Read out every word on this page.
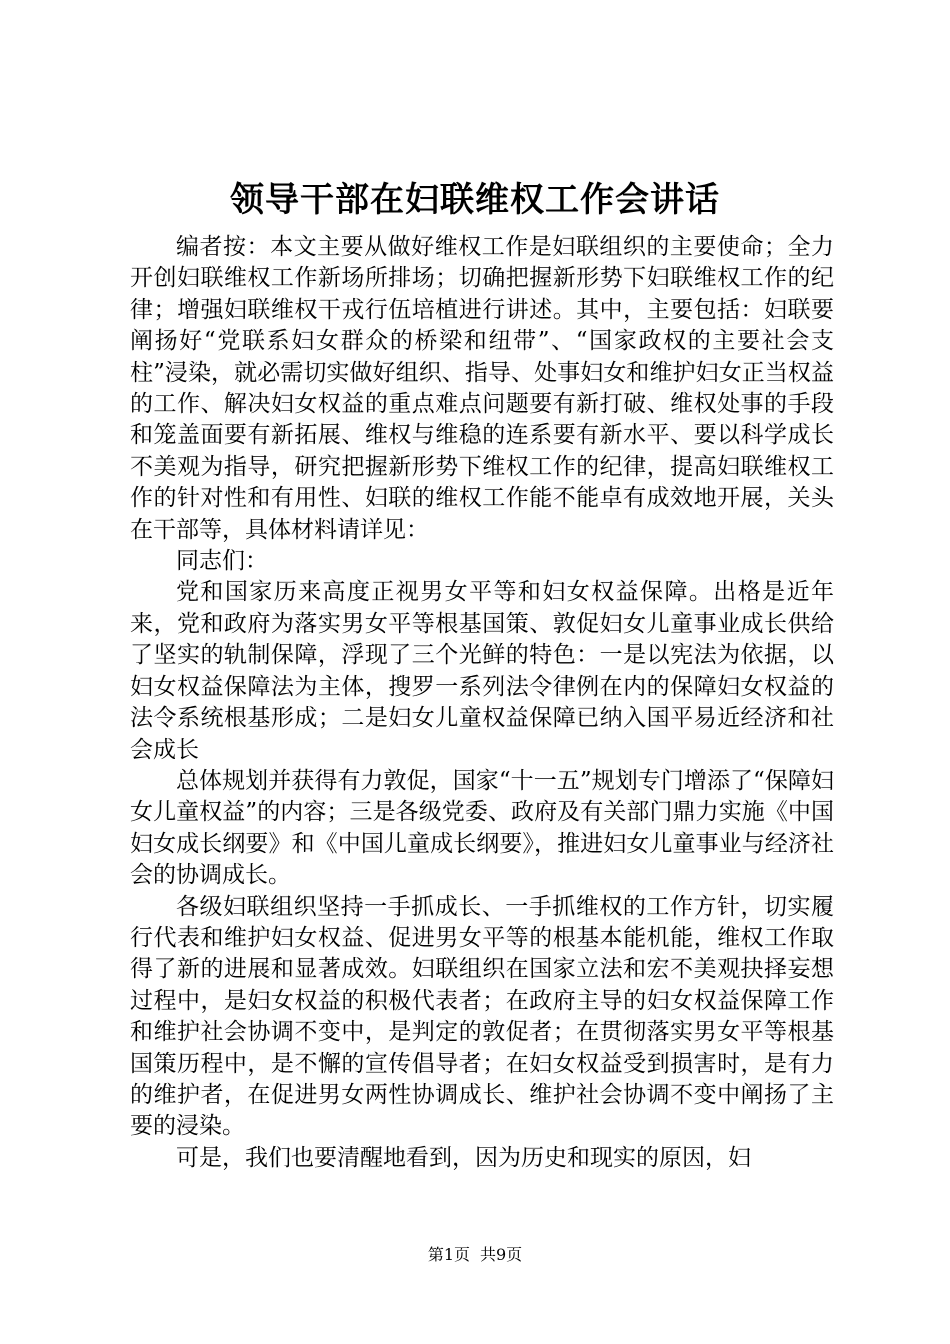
领导干部在妇联维权工作会讲话

编者按：本文主要从做好维权工作是妇联组织的主要使命；全力开创妇联维权工作新场所排场；切确把握新形势下妇联维权工作的纪律；增强妇联维权干戎行伍培植进行讲述。其中，主要包括：妇联要阐扬好“党联系妇女群众的桥梁和纽带”、“国家政权的主要社会支柱”浸染，就必需切实做好组织、指导、处事妇女和维护妇女正当权益的工作、解决妇女权益的重点难点问题要有新打破、维权处事的手段和笼盖面要有新拓展、维权与维稳的连系要有新水平、要以科学成长不美观为指导，研究把握新形势下维权工作的纪律，提高妇联维权工作的针对性和有用性、妇联的维权工作能不能卓有成效地开展，关头在干部等，具体材料请详见：

同志们：

党和国家历来高度正视男女平等和妇女权益保障。出格是近年来，党和政府为落实男女平等根基国策、敦促妇女儿童事业成长供给了坚实的轨制保障，浮现了三个光鲜的特色：一是以宪法为依据，以妇女权益保障法为主体，搜罗一系列法令律例在内的保障妇女权益的法令系统根基形成；二是妇女儿童权益保障已纳入国平易近经济和社会成长

总体规划并获得有力敦促，国家“十一五”规划专门增添了“保障妇女儿童权益”的内容；三是各级党委、政府及有关部门鼎力实施《中国妇女成长纲要》和《中国儿童成长纲要》，推进妇女儿童事业与经济社会的协调成长。

各级妇联组织坚持一手抓成长、一手抓维权的工作方针，切实履行代表和维护妇女权益、促进男女平等的根基本能机能，维权工作取得了新的进展和显著成效。妇联组织在国家立法和宏不美观抉择妄想过程中，是妇女权益的积极代表者；在政府主导的妇女权益保障工作和维护社会协调不变中，是判定的敦促者；在贯彻落实男女平等根基国策历程中，是不懈的宣传倡导者；在妇女权益受到损害时，是有力的维护者，在促进男女两性协调成长、维护社会协调不变中阐扬了主要的浸染。

可是，我们也要清醒地看到，因为历史和现实的原因，妇

第1页 共9页
